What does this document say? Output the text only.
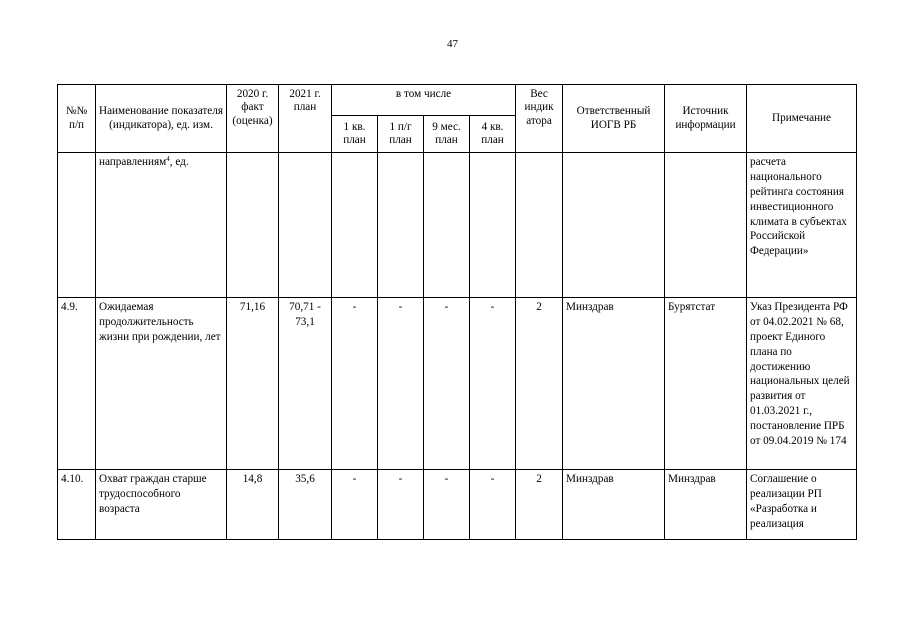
47
№№ п/п	Наименование показателя (индикатора), ед. изм.	2020 г. факт (оценка)	2021 г. план	в том числе				Вес индик атора	Ответственный ИОГВ РБ	Источник информации	Примечание
				1 кв. план	1 п/г план	9 мес. план	4 кв. план				
	направлениям$^4$, ед.										расчета национального рейтинга состояния инвестиционного климата в субъектах Российской Федерации»
4.9.	Ожидаемая продолжительность жизни при рождении, лет	71,16	70,71 - 73,1	-	-	-	-	2	Минздрав	Бурятстат	Указ Президента РФ от 04.02.2021 № 68, проект Единого плана по достижению национальных целей развития от 01.03.2021 г., постановление ПРБ от 09.04.2019 № 174
4.10.	Охват граждан старше трудоспособного возраста	14,8	35,6	-	-	-	-	2	Минздрав	Минздрав	Соглашение о реализации РП «Разработка и реализация
